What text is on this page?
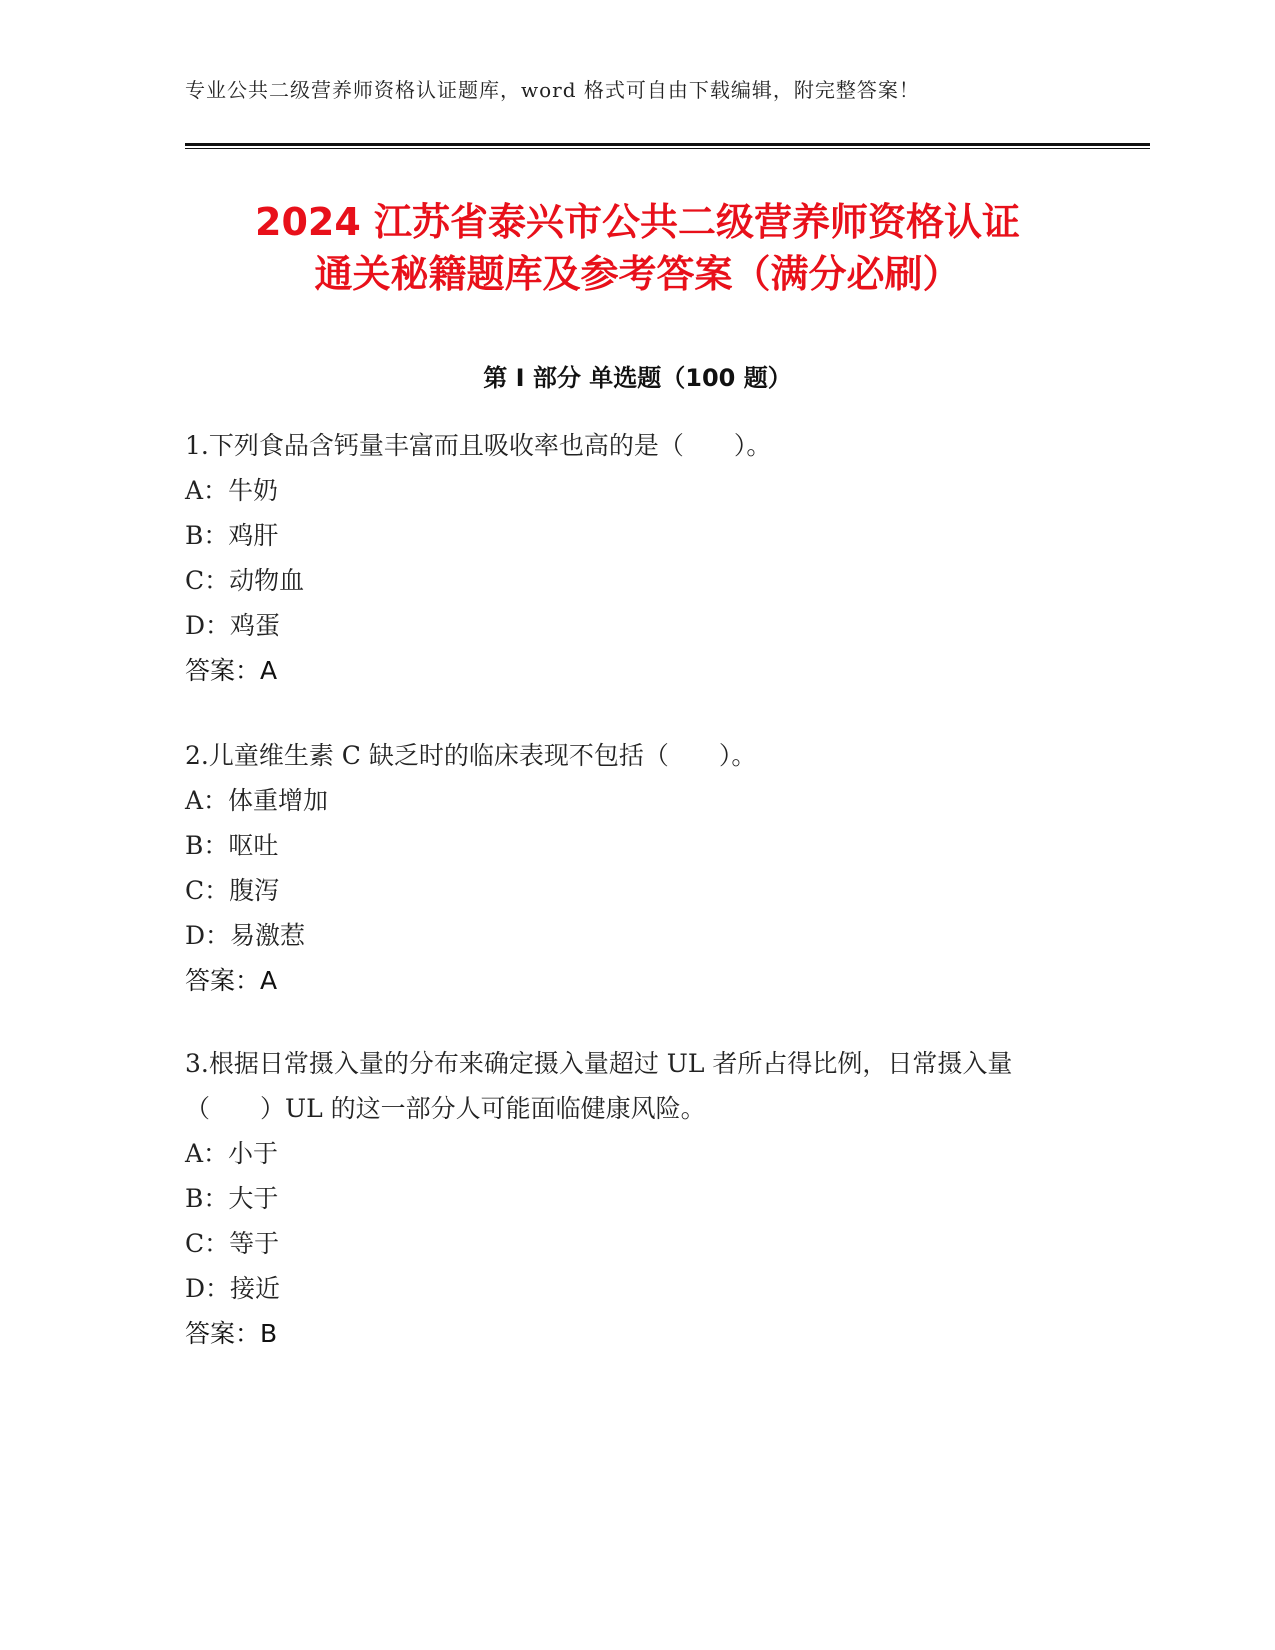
专业公共二级营养师资格认证题库，word 格式可自由下载编辑，附完整答案！
2024 江苏省泰兴市公共二级营养师资格认证
通关秘籍题库及参考答案（满分必刷）
第 I 部分 单选题（100 题）
1.下列食品含钙量丰富而且吸收率也高的是（　　）。
A：牛奶
B：鸡肝
C：动物血
D：鸡蛋
答案：A
2.儿童维生素 C 缺乏时的临床表现不包括（　　）。
A：体重增加
B：呕吐
C：腹泻
D：易激惹
答案：A
3.根据日常摄入量的分布来确定摄入量超过 UL 者所占得比例，日常摄入量（　　）UL 的这一部分人可能面临健康风险。
A：小于
B：大于
C：等于
D：接近
答案：B
